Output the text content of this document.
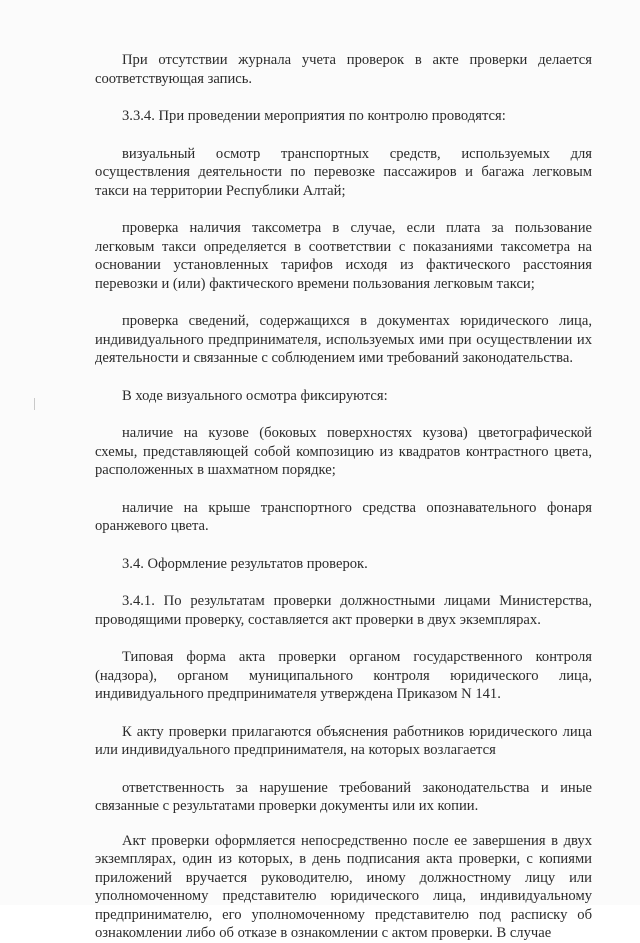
При отсутствии журнала учета проверок в акте проверки делается соответствующая запись.

3.3.4. При проведении мероприятия по контролю проводятся:

визуальный осмотр транспортных средств, используемых для осуществления деятельности по перевозке пассажиров и багажа легковым такси на территории Республики Алтай;

проверка наличия таксометра в случае, если плата за пользование легковым такси определяется в соответствии с показаниями таксометра на основании установленных тарифов исходя из фактического расстояния перевозки и (или) фактического времени пользования легковым такси;

проверка сведений, содержащихся в документах юридического лица, индивидуального предпринимателя, используемых ими при осуществлении их деятельности и связанные с соблюдением ими требований законодательства.

В ходе визуального осмотра фиксируются:

наличие на кузове (боковых поверхностях кузова) цветографической схемы, представляющей собой композицию из квадратов контрастного цвета, расположенных в шахматном порядке;

наличие на крыше транспортного средства опознавательного фонаря оранжевого цвета.

3.4. Оформление результатов проверок.

3.4.1. По результатам проверки должностными лицами Министерства, проводящими проверку, составляется акт проверки в двух экземплярах.

Типовая форма акта проверки органом государственного контроля (надзора), органом муниципального контроля юридического лица, индивидуального предпринимателя утверждена Приказом N 141.

К акту проверки прилагаются объяснения работников юридического лица или индивидуального предпринимателя, на которых возлагается

ответственность за нарушение требований законодательства и иные связанные с результатами проверки документы или их копии.

Акт проверки оформляется непосредственно после ее завершения в двух экземплярах, один из которых, в день подписания акта проверки, с копиями приложений вручается руководителю, иному должностному лицу или уполномоченному представителю юридического лица, индивидуальному предпринимателю, его уполномоченному представителю под расписку об ознакомлении либо об отказе в ознакомлении с актом проверки. В случае
